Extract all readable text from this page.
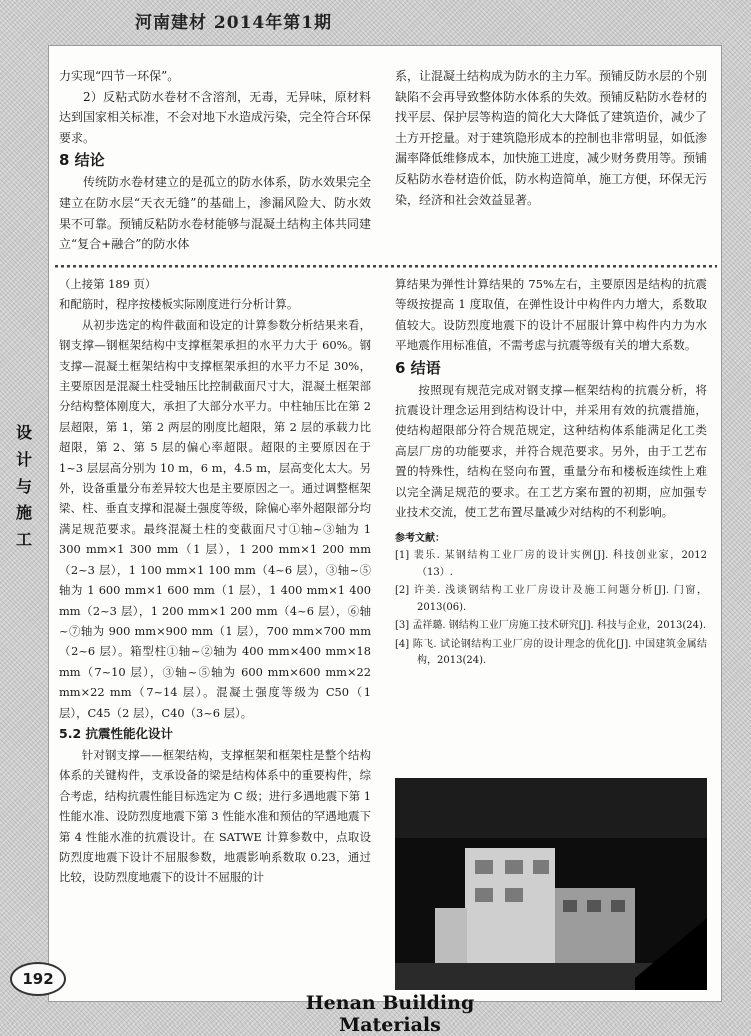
河南建材 2014年第1期

力实现“四节一环保”。

2）反粘式防水卷材不含溶剂，无毒，无异味，原材料达到国家相关标准，不会对地下水造成污染，完全符合环保要求。

8 结论

传统防水卷材建立的是孤立的防水体系，防水效果完全建立在防水层“天衣无缝”的基础上，渗漏风险大、防水效果不可靠。预铺反粘防水卷材能够与混凝土结构主体共同建立“复合+融合”的防水体

系，让混凝土结构成为防水的主力军。预铺反防水层的个别缺陷不会再导致整体防水体系的失效。预铺反粘防水卷材的找平层、保护层等构造的简化大大降低了建筑造价，减少了土方开挖量。对于建筑隐形成本的控制也非常明显，如低渗漏率降低维修成本，加快施工进度，减少财务费用等。预铺反粘防水卷材造价低，防水构造简单，施工方便，环保无污染，经济和社会效益显著。

（上接第 189 页）

和配筋时，程序按楼板实际刚度进行分析计算。

从初步选定的构件截面和设定的计算参数分析结果来看，钢支撑—钢框架结构中支撑框架承担的水平力大于 60%。钢支撑—混凝土框架结构中支撑框架承担的水平力不足 30%，主要原因是混凝土柱受轴压比控制截面尺寸大，混凝土框架部分结构整体刚度大，承担了大部分水平力。中柱轴压比在第 2 层超限，第 1，第 2 两层的刚度比超限，第 2 层的承载力比超限，第 2、第 5 层的偏心率超限。超限的主要原因在于 1~3 层层高分别为 10 m，6 m，4.5 m，层高变化太大。另外，设备重量分布差异较大也是主要原因之一。通过调整框架梁、柱、垂直支撑和混凝土强度等级，除偏心率外超限部分均满足规范要求。最终混凝土柱的变截面尺寸①轴~③轴为 1 300 mm×1 300 mm（1 层），1 200 mm×1 200 mm（2~3 层），1 100 mm×1 100 mm（4~6 层），③轴~⑤轴为 1 600 mm×1 600 mm（1 层），1 400 mm×1 400 mm（2~3 层），1 200 mm×1 200 mm（4~6 层），⑥轴~⑦轴为 900 mm×900 mm（1 层），700 mm×700 mm（2~6 层）。箱型柱①轴~②轴为 400 mm×400 mm×18 mm（7~10 层），③轴~⑤轴为 600 mm×600 mm×22 mm×22 mm（7~14 层）。混凝土强度等级为 C50（1 层），C45（2 层），C40（3~6 层）。

5.2 抗震性能化设计

针对钢支撑——框架结构，支撑框架和框架柱是整个结构体系的关键构件，支承设备的梁是结构体系中的重要构件，综合考虑，结构抗震性能目标选定为 C 级；进行多遇地震下第 1 性能水准、设防烈度地震下第 3 性能水准和预估的罕遇地震下第 4 性能水准的抗震设计。在 SATWE 计算参数中，点取设防烈度地震下设计不屈服参数，地震影响系数取 0.23，通过比较，设防烈度地震下的设计不屈服的计

算结果为弹性计算结果的 75%左右，主要原因是结构的抗震等级按提高 1 度取值，在弹性设计中构件内力增大，系数取值较大。设防烈度地震下的设计不屈服计算中构件内力为水平地震作用标准值，不需考虑与抗震等级有关的增大系数。

6 结语

按照现有规范完成对钢支撑—框架结构的抗震分析，将抗震设计理念运用到结构设计中，并采用有效的抗震措施，使结构超限部分符合规范规定，这种结构体系能满足化工类高层厂房的功能要求，并符合规范要求。另外，由于工艺布置的特殊性，结构在竖向布置，重量分布和楼板连续性上难以完全满足规范的要求。在工艺方案布置的初期，应加强专业技术交流，使工艺布置尽量减少对结构的不利影响。

参考文献：
[1] 裴乐. 某钢结构工业厂房的设计实例[J]. 科技创业家，2012（13）.
[2] 许美. 浅谈钢结构工业厂房设计及施工问题分析[J]. 门窗，2013(06).
[3] 孟祥璐. 钢结构工业厂房施工技术研究[J]. 科技与企业，2013(24).
[4] 陈飞. 试论钢结构工业厂房的设计理念的优化[J]. 中国建筑金属结构，2013(24).
设
计
与
施
工
192
Henan Building Materials
